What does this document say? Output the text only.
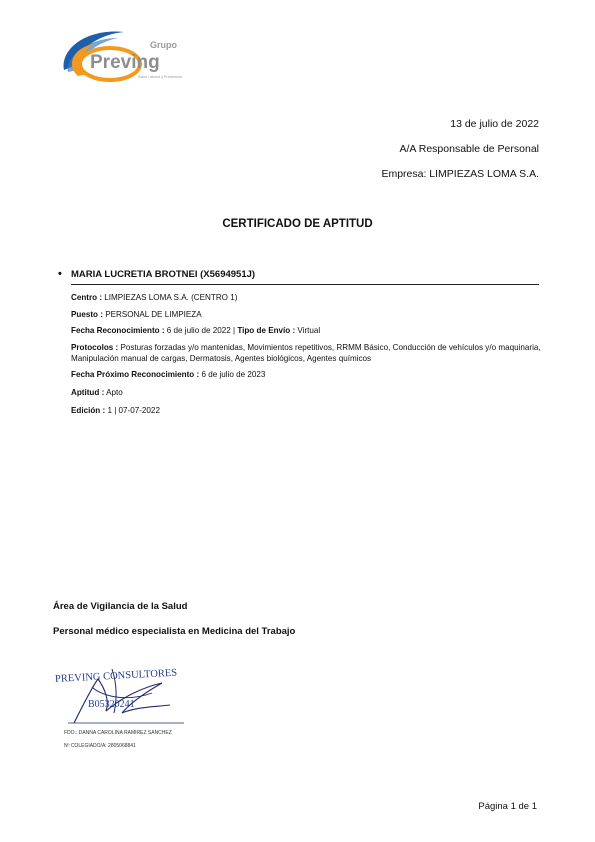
Preving
Grupo
Salud Laboral y Prevención
13 de julio de 2022
A/A Responsable de Personal
Empresa: LIMPIEZAS LOMA S.A.
CERTIFICADO DE APTITUD
• MARIA LUCRETIA BROTNEI (X5694951J)
Centro : LIMPIEZAS LOMA S.A. (CENTRO 1)
Puesto : PERSONAL DE LIMPIEZA
Fecha Reconocimiento : 6 de julio de 2022 | Tipo de Envío : Virtual
Protocolos : Posturas forzadas y/o mantenidas, Movimientos repetitivos, RRMM Básico, Conducción de vehículos y/o maquinaria, Manipulación manual de cargas, Dermatosis, Agentes biológicos, Agentes químicos
Fecha Próximo Reconocimiento : 6 de julio de 2023
Aptitud : Apto
Edición : 1 | 07-07-2022
Área de Vigilancia de la Salud
Personal médico especialista en Medicina del Trabajo
PREVING CONSULTORES
B05320241
FDO.: DANNA CAROLINA RAMIREZ SANCHEZ
Nº COLEGIADO/A: 2805068841
Página 1 de 1
